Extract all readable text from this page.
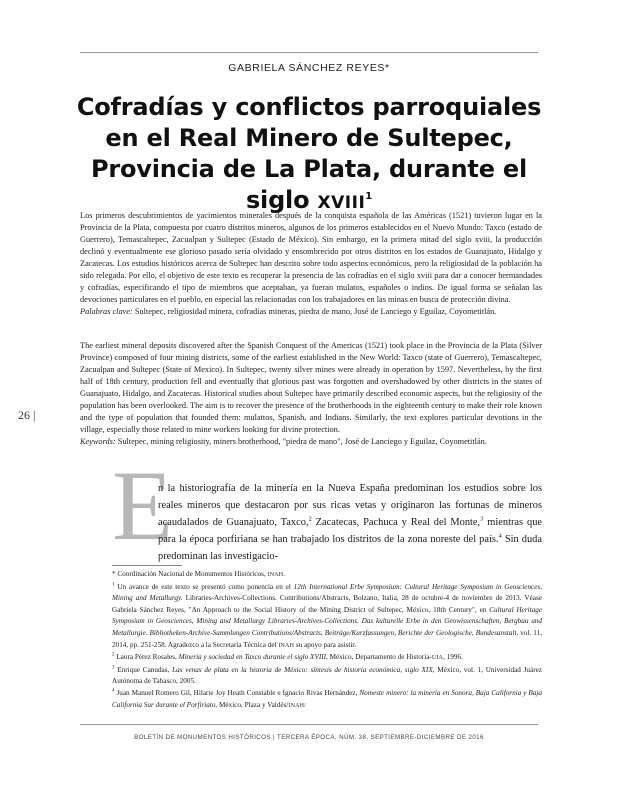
GABRIELA SÁNCHEZ REYES*
Cofradías y conflictos parroquiales en el Real Minero de Sultepec, Provincia de La Plata, durante el siglo XVIII$^1$

Los primeros descubrimientos de yacimientos minerales después de la conquista española de las Américas (1521) tuvieron lugar en la Provincia de la Plata, compuesta por cuatro distritos mineros, algunos de los primeros establecidos en el Nuevo Mundo: Taxco (estado de Guerrero), Temascaltepec, Zacualpan y Sultepec (Estado de México). Sin embargo, en la primera mitad del siglo xviii, la producción declinó y eventualmente ese glorioso pasado sería olvidado y ensombrecido por otros distritos en los estados de Guanajuato, Hidalgo y Zacatecas. Los estudios históricos acerca de Sultepec han descrito sobre todo aspectos económicos, pero la religiosidad de la población ha sido relegada. Por ello, el objetivo de este texto es recuperar la presencia de las cofradías en el siglo xviii para dar a conocer hermandades y cofradías, especificando el tipo de miembros que aceptaban, ya fueran mulatos, españoles o indios. De igual forma se señalan las devociones particulares en el pueblo, en especial las relacionadas con los trabajadores en las minas en busca de protección divina.
Palabras clave: Sultepec, religiosidad minera, cofradías mineras, piedra de mano, José de Lanciego y Eguilaz, Coyometitlán.

The earliest mineral deposits discovered after the Spanish Conquest of the Americas (1521) took place in the Provincia de la Plata (Silver Province) composed of four mining districts, some of the earliest established in the New World: Taxco (state of Guerrero), Temascaltepec, Zacualpan and Sultepec (State of Mexico). In Sultepec, twenty silver mines were already in operation by 1597. Nevertheless, by the first half of 18th century, production fell and eventually that glorious past was forgotten and overshadowed by other districts in the states of Guanajuato, Hidalgo, and Zacatecas. Historical studies about Sultepec have primarily described economic aspects, but the religiosity of the population has been overlooked. The aim is to recover the presence of the brotherhoods in the eighteenth century to make their role known and the type of population that founded them: mulattos, Spanish, and Indians. Similarly, the text explores particular devotions in the village, especially those related to mine workers looking for divine protection.
Keywords: Sultepec, mining religiosity, miners brotherhood, "piedra de mano", José de Lanciego y Eguilaz, Coyometitlán.

26 |
E

n la historiografía de la minería en la Nueva España predominan los estudios sobre los reales mineros que destacaron por sus ricas vetas y originaron las fortunas de mineros acaudalados de Guanajuato, Taxco,$^2$ Zacatecas, Pachuca y Real del Monte,$^3$ mientras que para la época porfiriana se han trabajado los distritos de la zona noreste del país.$^4$ Sin duda predominan las investigacio-

* Coordinación Nacional de Monumentos Históricos, INAH.

$^1$ Un avance de este texto se presentó como ponencia en el 12th International Erbe Symposium: Cultural Heritage Symposium in Geosciences, Mining and Metallurgy. Libraries-Archives-Collections. Contributions/Abstracts, Bolzano, Italia, 28 de octubre-4 de noviembre de 2013. Véase Gabriela Sánchez Reyes, "An Approach to the Social History of the Mining District of Sultepec, México, 18th Century", en Cultural Heritage Symposium in Geosciences, Mining and Metallurgy Libraries-Archives-Collections. Das kulturelle Erbe in den Geowissenschaften, Bergbau und Metallurgie. Bibliotheken-Archive-Sammlungen Contributions/Abstracts, Beiträge/Kurzfassungen, Berichte der Geologische, Bundesanstalt, vol. 11, 2014, pp. 251-258. Agradezco a la Secretaría Técnica del INAH su apoyo para asistir.

$^2$ Laura Pérez Rosales, Minería y sociedad en Taxco durante el siglo XVIII, México, Departamento de Historia-UIA, 1996.

$^3$ Enrique Canudas, Las venas de plata en la historia de México: síntesis de historia económica, siglo XIX, México, vol. 1, Universidad Juárez Autónoma de Tabasco, 2005.

$^4$ Juan Manuel Romero Gil, Hilarie Joy Heath Constable e Ignacio Rivas Hernández, Nomeste minero: la minería en Sonora, Baja California y Baja California Sur durante el Porfiriato, México, Plaza y Valdés/INAH/

BOLETÍN DE MONUMENTOS HISTÓRICOS | TERCERA ÉPOCA, NÚM. 38, SEPTIEMBRE-DICIEMBRE DE 2016
